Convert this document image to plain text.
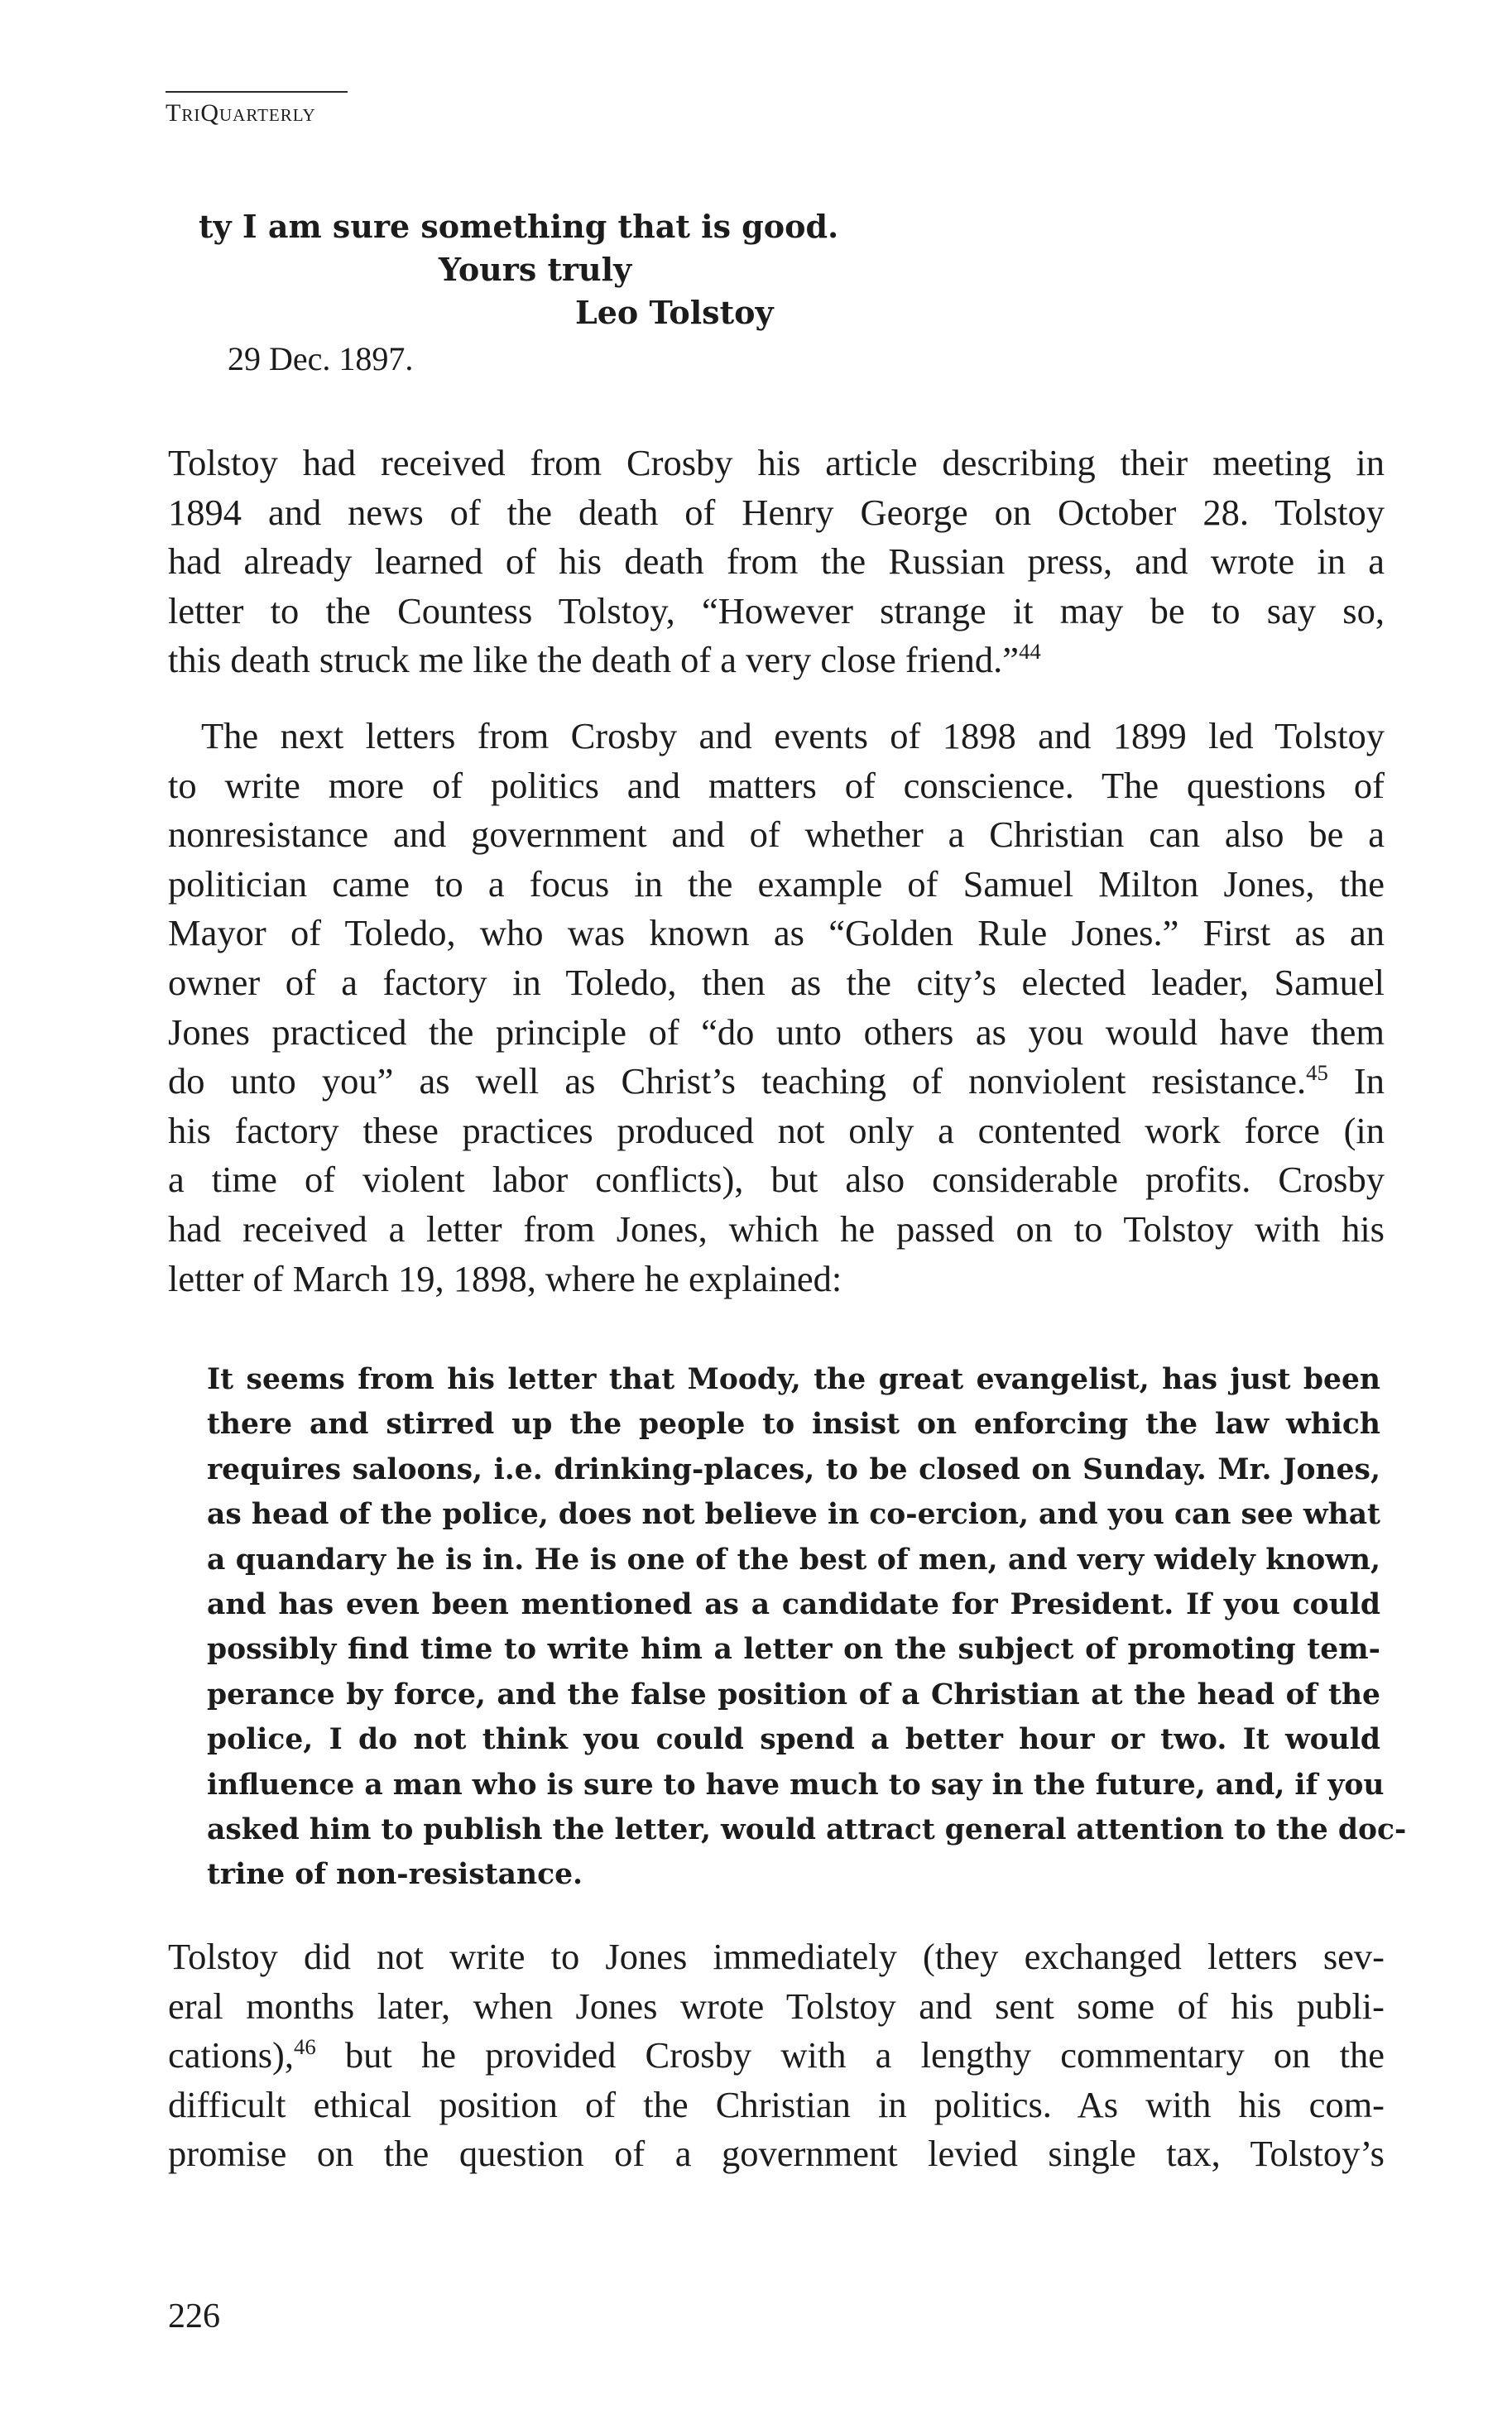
TriQuarterly
ty I am sure something that is good.
Yours truly
Leo Tolstoy
29 Dec. 1897.
Tolstoy had received from Crosby his article describing their meeting in
1894 and news of the death of Henry George on October 28. Tolstoy
had already learned of his death from the Russian press, and wrote in a
letter to the Countess Tolstoy, “However strange it may be to say so,
this death struck me like the death of a very close friend.”$^{44}$
The next letters from Crosby and events of 1898 and 1899 led Tolstoy
to write more of politics and matters of conscience. The questions of
nonresistance and government and of whether a Christian can also be a
politician came to a focus in the example of Samuel Milton Jones, the
Mayor of Toledo, who was known as “Golden Rule Jones.” First as an
owner of a factory in Toledo, then as the city’s elected leader, Samuel
Jones practiced the principle of “do unto others as you would have them
do unto you” as well as Christ’s teaching of nonviolent resistance.$^{45}$ In
his factory these practices produced not only a contented work force (in
a time of violent labor conflicts), but also considerable profits. Crosby
had received a letter from Jones, which he passed on to Tolstoy with his
letter of March 19, 1898, where he explained:
It seems from his letter that Moody, the great evangelist, has just been
there and stirred up the people to insist on enforcing the law which
requires saloons, i.e. drinking-places, to be closed on Sunday. Mr. Jones,
as head of the police, does not believe in co-ercion, and you can see what
a quandary he is in. He is one of the best of men, and very widely known,
and has even been mentioned as a candidate for President. If you could
possibly find time to write him a letter on the subject of promoting tem-
perance by force, and the false position of a Christian at the head of the
police, I do not think you could spend a better hour or two. It would
influence a man who is sure to have much to say in the future, and, if you
asked him to publish the letter, would attract general attention to the doc-
trine of non-resistance.
Tolstoy did not write to Jones immediately (they exchanged letters sev-
eral months later, when Jones wrote Tolstoy and sent some of his publi-
cations),$^{46}$ but he provided Crosby with a lengthy commentary on the
difficult ethical position of the Christian in politics. As with his com-
promise on the question of a government levied single tax, Tolstoy’s
226
